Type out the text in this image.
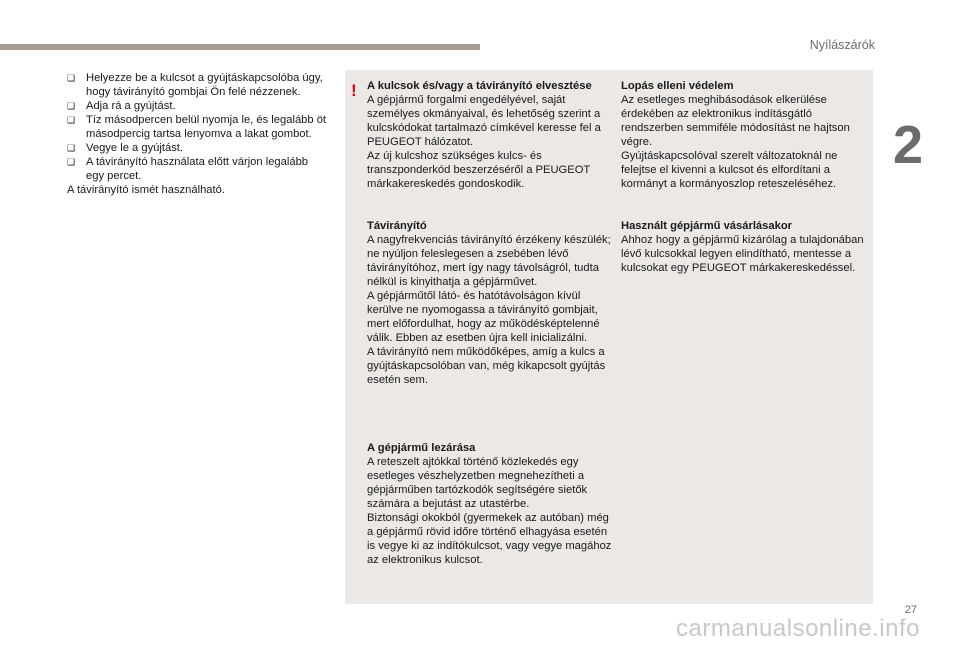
Nyílászárók
2
❑ Helyezze be a kulcsot a gyújtáskapcsolóba úgy, hogy távirányító gombjai Ön felé nézzenek.
❑ Adja rá a gyújtást.
❑ Tíz másodpercen belül nyomja le, és legalább öt másodpercig tartsa lenyomva a lakat gombot.
❑ Vegye le a gyújtást.
❑ A távirányító használata előtt várjon legalább egy percet.
A távirányító ismét használható.
! A kulcsok és/vagy a távirányító elvesztése
A gépjármű forgalmi engedélyével, saját személyes okmányaival, és lehetőség szerint a kulcskódokat tartalmazó címkével keresse fel a PEUGEOT hálózatot.
Az új kulcshoz szükséges kulcs- és transzponderkód beszerzéséről a PEUGEOT márkakereskedés gondoskodik.
Távirányító
A nagyfrekvenciás távirányító érzékeny készülék; ne nyúljon feleslegesen a zsebében lévő távirányítóhoz, mert így nagy távolságról, tudta nélkül is kinyithatja a gépjárművet.
A gépjárműtől látó- és hatótávolságon kívül kerülve ne nyomogassa a távirányító gombjait, mert előfordulhat, hogy az működésképtelenné válik. Ebben az esetben újra kell inicializálni.
A távirányító nem működőképes, amíg a kulcs a gyújtáskapcsolóban van, még kikapcsolt gyújtás esetén sem.
A gépjármű lezárása
A reteszelt ajtókkal történő közlekedés egy esetleges vészhelyzetben megnehezítheti a gépjárműben tartózkodók segítségére sietők számára a bejutást az utastérbe.
Biztonsági okokból (gyermekek az autóban) még a gépjármű rövid időre történő elhagyása esetén is vegye ki az indítókulcsot, vagy vegye magához az elektronikus kulcsot.
Lopás elleni védelem
Az esetleges meghibásodások elkerülése érdekében az elektronikus indításgátló rendszerben semmiféle módosítást ne hajtson végre.
Gyújtáskapcsolóval szerelt változatoknál ne felejtse el kivenni a kulcsot és elfordítani a kormányt a kormányoszlop reteszeléséhez.
Használt gépjármű vásárlásakor
Ahhoz hogy a gépjármű kizárólag a tulajdonában lévő kulcsokkal legyen elindítható, mentesse a kulcsokat egy PEUGEOT márkakereskedéssel.
27
carmanualsonline.info
